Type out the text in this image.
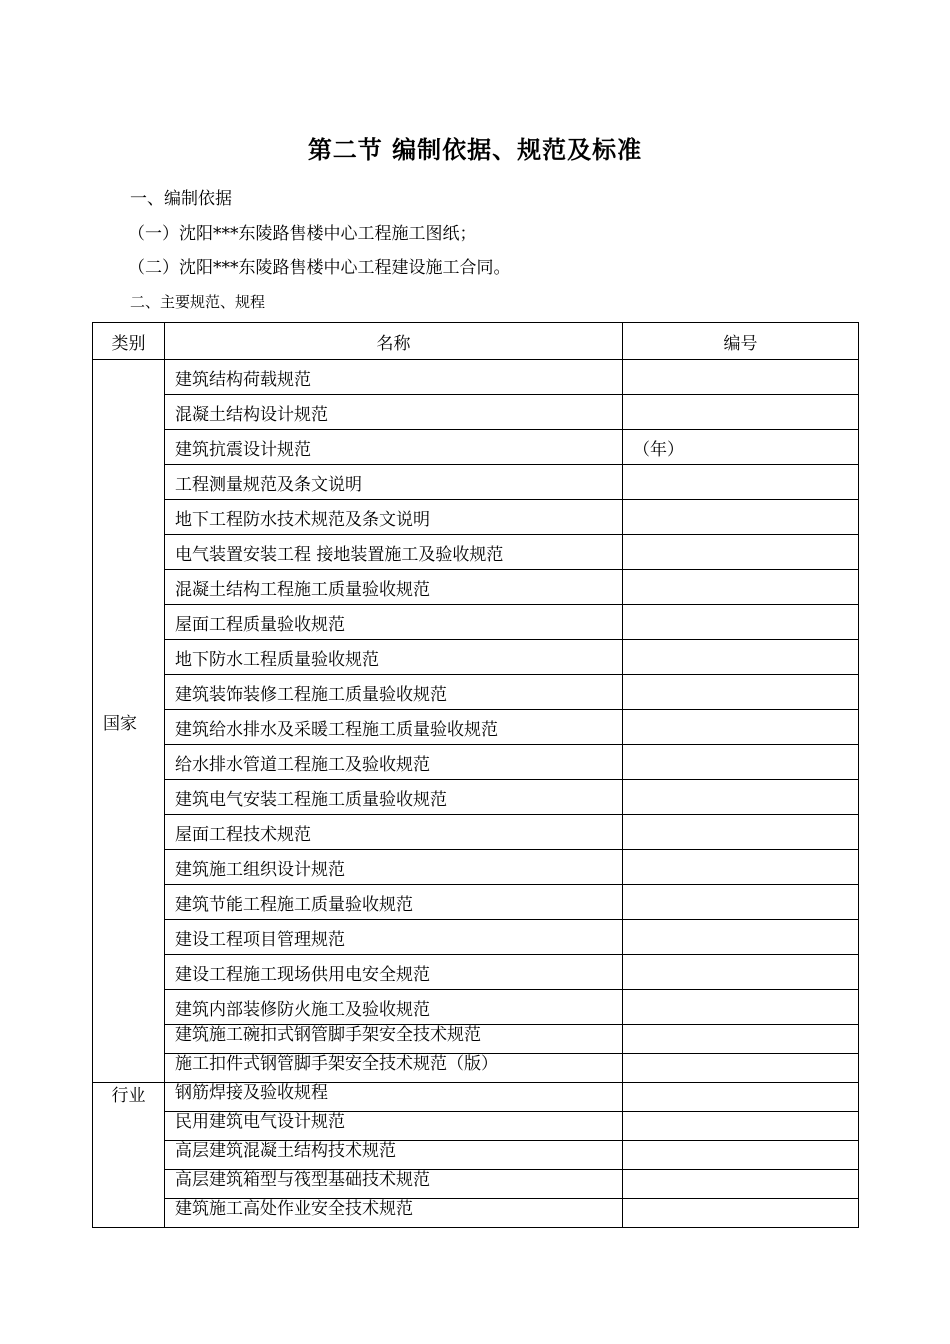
第二节 编制依据、规范及标准
一、编制依据
（一）沈阳***东陵路售楼中心工程施工图纸；
（二）沈阳***东陵路售楼中心工程建设施工合同。
二、主要规范、规程
类别	名称	编号
国家	建筑结构荷载规范	
	混凝土结构设计规范	
	建筑抗震设计规范	（年）
	工程测量规范及条文说明	
	地下工程防水技术规范及条文说明	
	电气装置安装工程 接地装置施工及验收规范	
	混凝土结构工程施工质量验收规范	
	屋面工程质量验收规范	
	地下防水工程质量验收规范	
	建筑装饰装修工程施工质量验收规范	
	建筑给水排水及采暖工程施工质量验收规范	
	给水排水管道工程施工及验收规范	
	建筑电气安装工程施工质量验收规范	
	屋面工程技术规范	
	建筑施工组织设计规范	
	建筑节能工程施工质量验收规范	
	建设工程项目管理规范	
	建设工程施工现场供用电安全规范	
	建筑内部装修防火施工及验收规范	
	建筑施工碗扣式钢管脚手架安全技术规范	
	施工扣件式钢管脚手架安全技术规范（版）	
行业	钢筋焊接及验收规程	
	民用建筑电气设计规范	
	高层建筑混凝土结构技术规范	
	高层建筑箱型与筏型基础技术规范	
	建筑施工高处作业安全技术规范	
